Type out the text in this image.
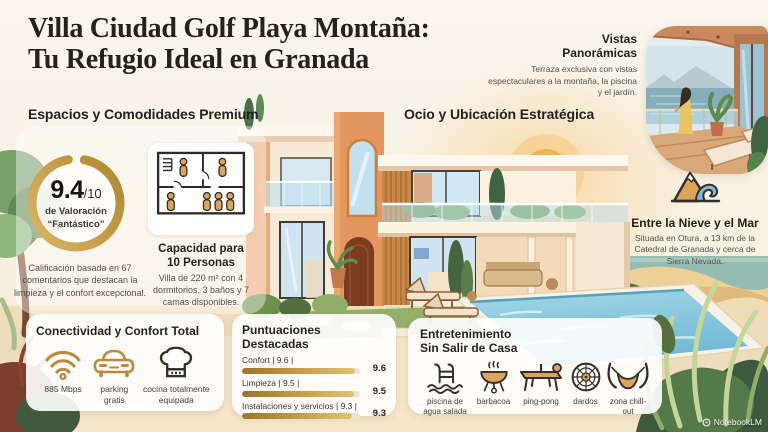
Villa Ciudad Golf Playa Montaña:
Tu Refugio Ideal en Granada
Espacios y Comodidades Premium	Ocio y Ubicación Estratégica
Vistas
Panorámicas
Terraza exclusiva con vistas espectaculares a la montaña, la piscina y el jardín.
9.4/10
de Valoración
“Fantástico”
Calificación basada en 67 comentarios que destacan la limpieza y el confort excepcional.
Capacidad para
10 Personas
Villa de 220 m² con 4 dormitorios, 3 baños y 7 camas disponibles.
Entre la Nieve y el Mar
Situada en Otura, a 13 km de la Catedral de Granada y cerca de Sierra Nevada.
Conectividad y Confort Total
885 Mbps	parking gratis
cocina totalmente equipada
Puntuaciones Destacadas
Confort | 9.6 |
9.6
Limpieza | 9.5 |
9.5
Instalaciones y servicios | 9.3 |
9.3
Entretenimiento
Sin Salir de Casa
piscina de agua salada
barbacoa ping-pong dardos	zona chill-out
NotebookLM
